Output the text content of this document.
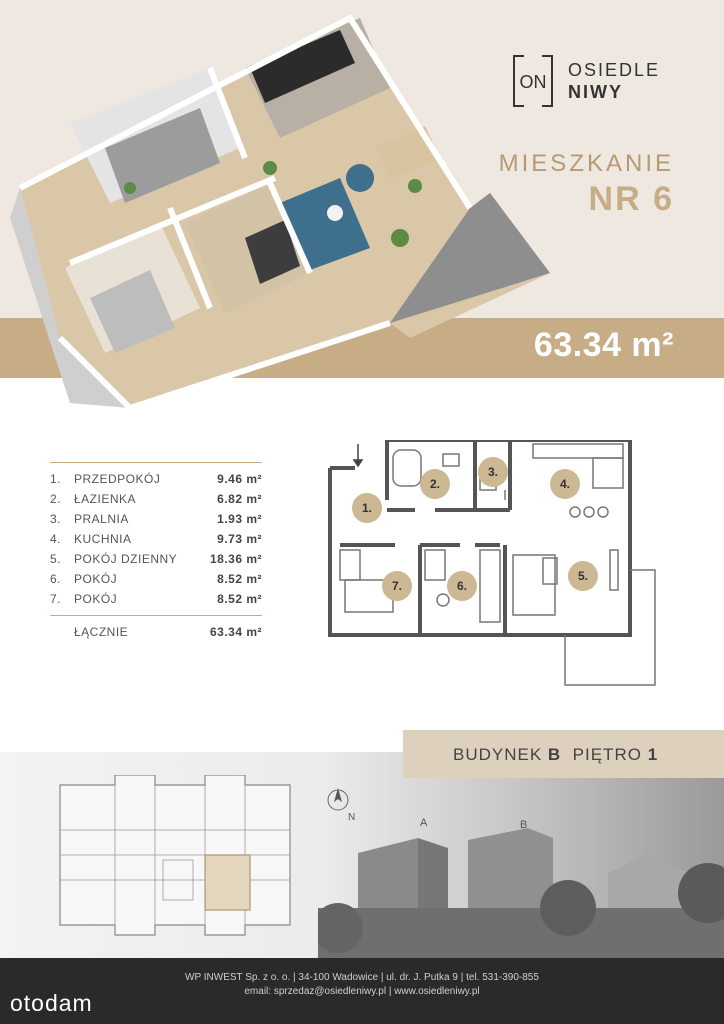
ON
OSIEDLE
NIWY
MIESZKANIE
NR 6
63.34 m²
1.	PRZEDPOKÓJ	9.46 m²
2.	ŁAZIENKA	6.82 m²
3.	PRALNIA	1.93 m²
4.	KUCHNIA	9.73 m²
5.	POKÓJ DZIENNY	18.36 m²
6.	POKÓJ	8.52 m²
7.	POKÓJ	8.52 m²
ŁĄCZNIE	63.34 m²
1.
2.
3.
4.
5.
6.
7.
N	A	B
BUDYNEK B PIĘTRO 1
WP INWEST Sp. z o. o. | 34-100 Wadowice | ul. dr. J. Putka 9 | tel. 531-390-855
email: sprzedaz@osiedleniwy.pl | www.osiedleniwy.pl
otodam
